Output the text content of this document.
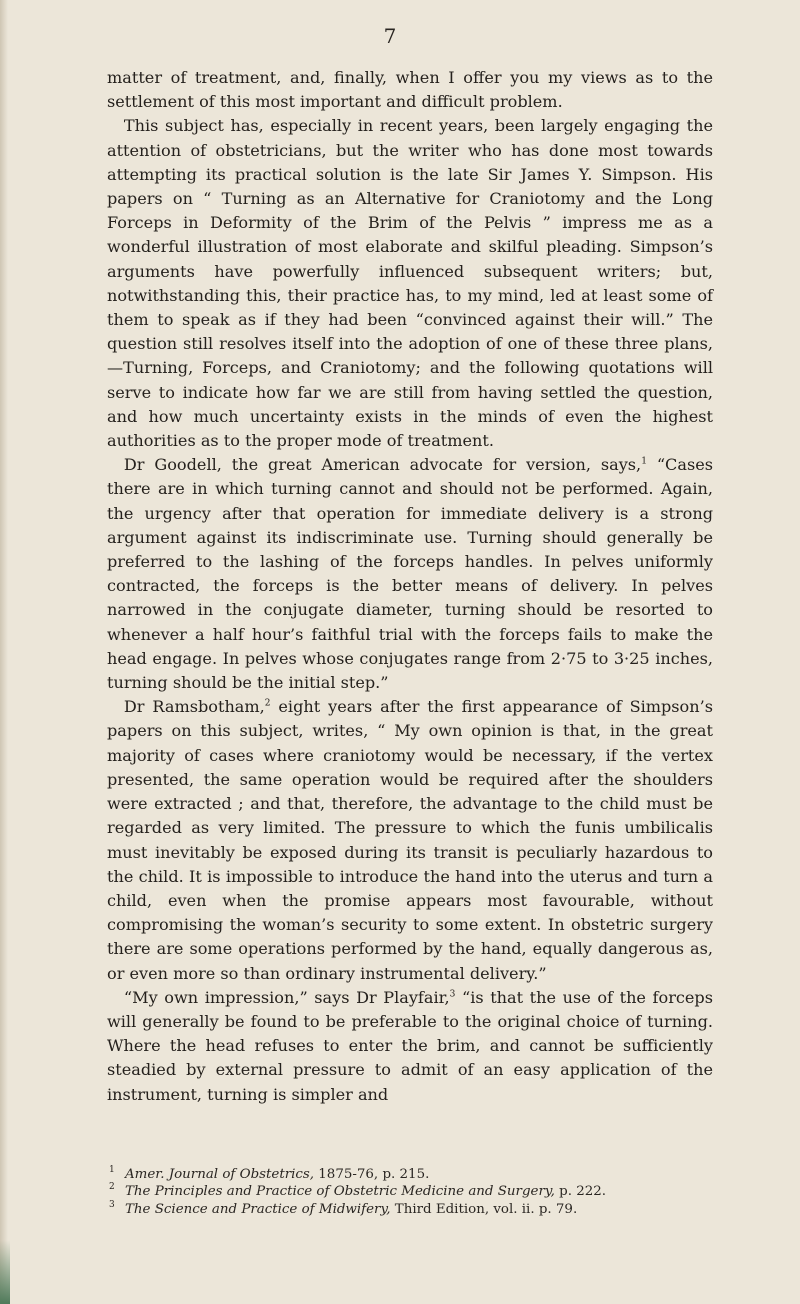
7

matter of treatment, and, finally, when I offer you my views as to the settlement of this most important and difficult problem.

This subject has, especially in recent years, been largely engaging the attention of obstetricians, but the writer who has done most towards attempting its practical solution is the late Sir James Y. Simpson. His papers on “ Turning as an Alternative for Craniotomy and the Long Forceps in Deformity of the Brim of the Pelvis ” impress me as a wonderful illustration of most elaborate and skilful pleading. Simpson’s arguments have powerfully influenced subsequent writers; but, notwithstanding this, their practice has, to my mind, led at least some of them to speak as if they had been “convinced against their will.” The question still resolves itself into the adoption of one of these three plans,—Turning, Forceps, and Craniotomy; and the following quotations will serve to indicate how far we are still from having settled the question, and how much uncertainty exists in the minds of even the highest authorities as to the proper mode of treatment.

Dr Goodell, the great American advocate for version, says,$^1$ “Cases there are in which turning cannot and should not be performed. Again, the urgency after that operation for immediate delivery is a strong argument against its indiscriminate use. Turning should generally be preferred to the lashing of the forceps handles. In pelves uniformly contracted, the forceps is the better means of delivery. In pelves narrowed in the conjugate diameter, turning should be resorted to whenever a half hour’s faithful trial with the forceps fails to make the head engage. In pelves whose conjugates range from 2·75 to 3·25 inches, turning should be the initial step.”

Dr Ramsbotham,$^2$ eight years after the first appearance of Simpson’s papers on this subject, writes, “ My own opinion is that, in the great majority of cases where craniotomy would be necessary, if the vertex presented, the same operation would be required after the shoulders were extracted ; and that, therefore, the advantage to the child must be regarded as very limited. The pressure to which the funis umbilicalis must inevitably be exposed during its transit is peculiarly hazardous to the child. It is impossible to introduce the hand into the uterus and turn a child, even when the promise appears most favourable, without compromising the woman’s security to some extent. In obstetric surgery there are some operations performed by the hand, equally dangerous as, or even more so than ordinary instrumental delivery.”

“My own impression,” says Dr Playfair,$^3$ “is that the use of the forceps will generally be found to be preferable to the original choice of turning. Where the head refuses to enter the brim, and cannot be sufficiently steadied by external pressure to admit of an easy application of the instrument, turning is simpler and

1 Amer. Journal of Obstetrics, 1875-76, p. 215.

2 The Principles and Practice of Obstetric Medicine and Surgery, p. 222.

3 The Science and Practice of Midwifery, Third Edition, vol. ii. p. 79.
